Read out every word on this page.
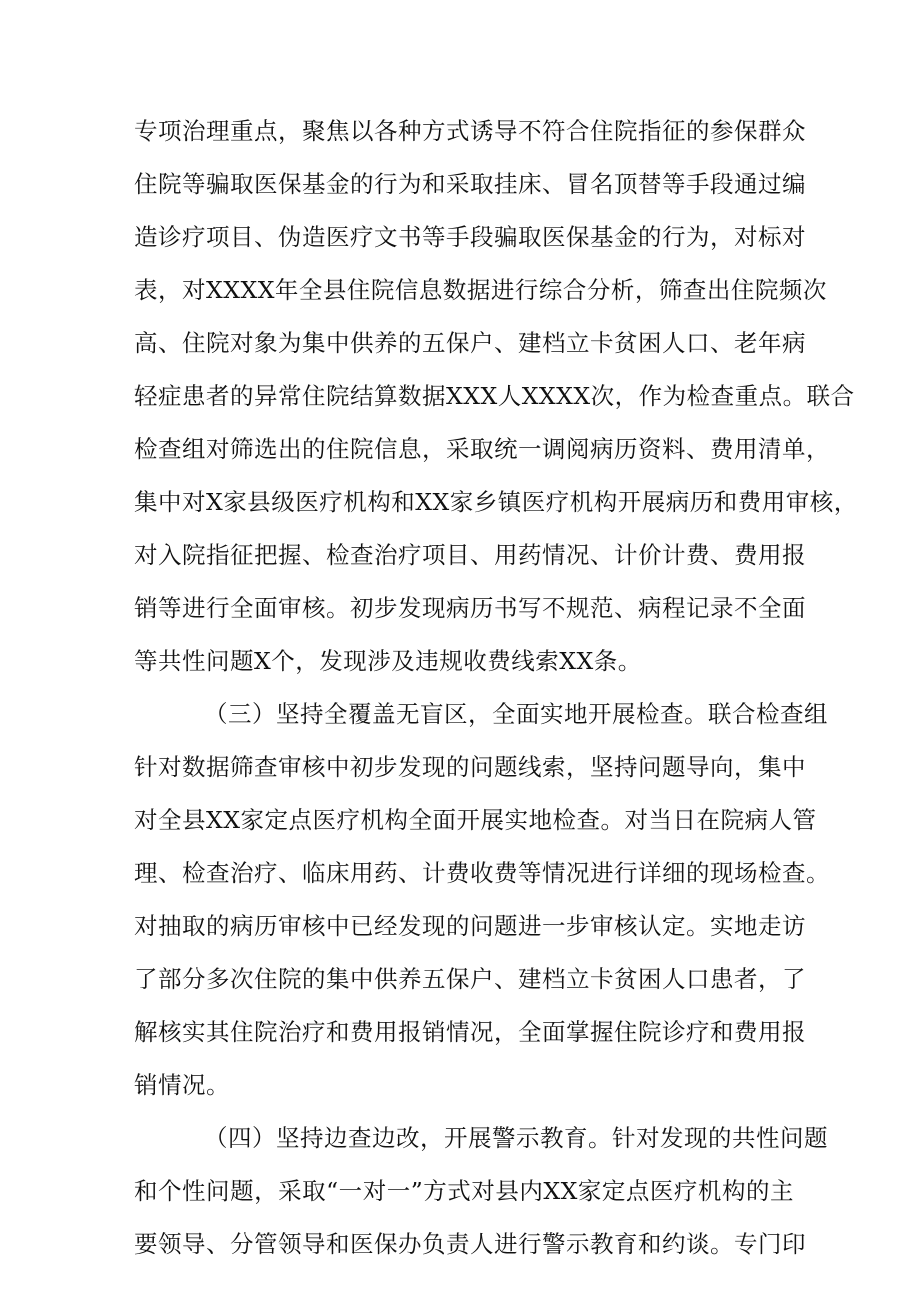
专项治理重点，聚焦以各种方式诱导不符合住院指征的参保群众
住院等骗取医保基金的行为和采取挂床、冒名顶替等手段通过编
造诊疗项目、伪造医疗文书等手段骗取医保基金的行为，对标对
表，对XXXX年全县住院信息数据进行综合分析，筛查出住院频次
高、住院对象为集中供养的五保户、建档立卡贫困人口、老年病
轻症患者的异常住院结算数据XXX人XXXX次，作为检查重点。联合
检查组对筛选出的住院信息，采取统一调阅病历资料、费用清单，
集中对X家县级医疗机构和XX家乡镇医疗机构开展病历和费用审核，
对入院指征把握、检查治疗项目、用药情况、计价计费、费用报
销等进行全面审核。初步发现病历书写不规范、病程记录不全面
等共性问题X个，发现涉及违规收费线索XX条。
（三）坚持全覆盖无盲区，全面实地开展检查。联合检查组
针对数据筛查审核中初步发现的问题线索，坚持问题导向，集中
对全县XX家定点医疗机构全面开展实地检查。对当日在院病人管
理、检查治疗、临床用药、计费收费等情况进行详细的现场检查。
对抽取的病历审核中已经发现的问题进一步审核认定。实地走访
了部分多次住院的集中供养五保户、建档立卡贫困人口患者，了
解核实其住院治疗和费用报销情况，全面掌握住院诊疗和费用报
销情况。
（四）坚持边查边改，开展警示教育。针对发现的共性问题
和个性问题，采取“一对一”方式对县内XX家定点医疗机构的主
要领导、分管领导和医保办负责人进行警示教育和约谈。专门印
